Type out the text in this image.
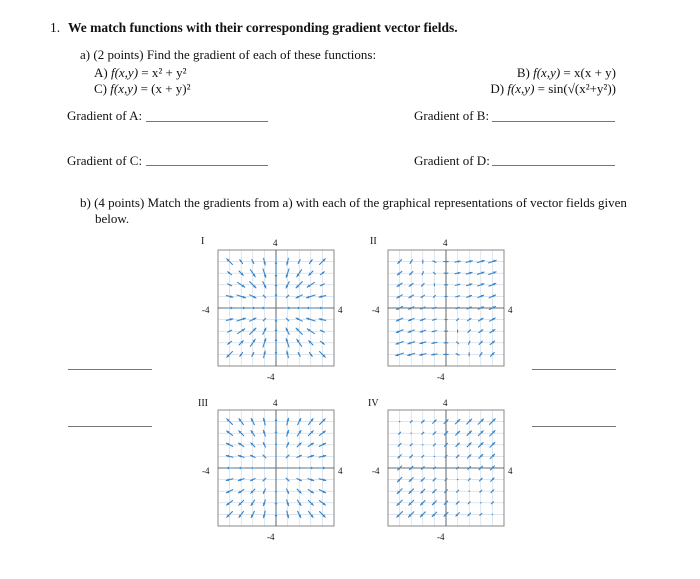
1. We match functions with their corresponding gradient vector fields.
a) (2 points) Find the gradient of each of these functions:
A) f(x,y) = x² + y²
C) f(x,y) = (x + y)²
B) f(x,y) = x(x + y)
D) f(x,y) = sin(√(x²+y²))
Gradient of A:	Gradient of B:
Gradient of C:	Gradient of D:
b) (4 points) Match the gradients from a) with each of the graphical representations of vector fields given
below.
I	4
-4	4
-4
II	4
-4	4
-4
III	4
-4	4
-4
IV	4
-4	4
-4
